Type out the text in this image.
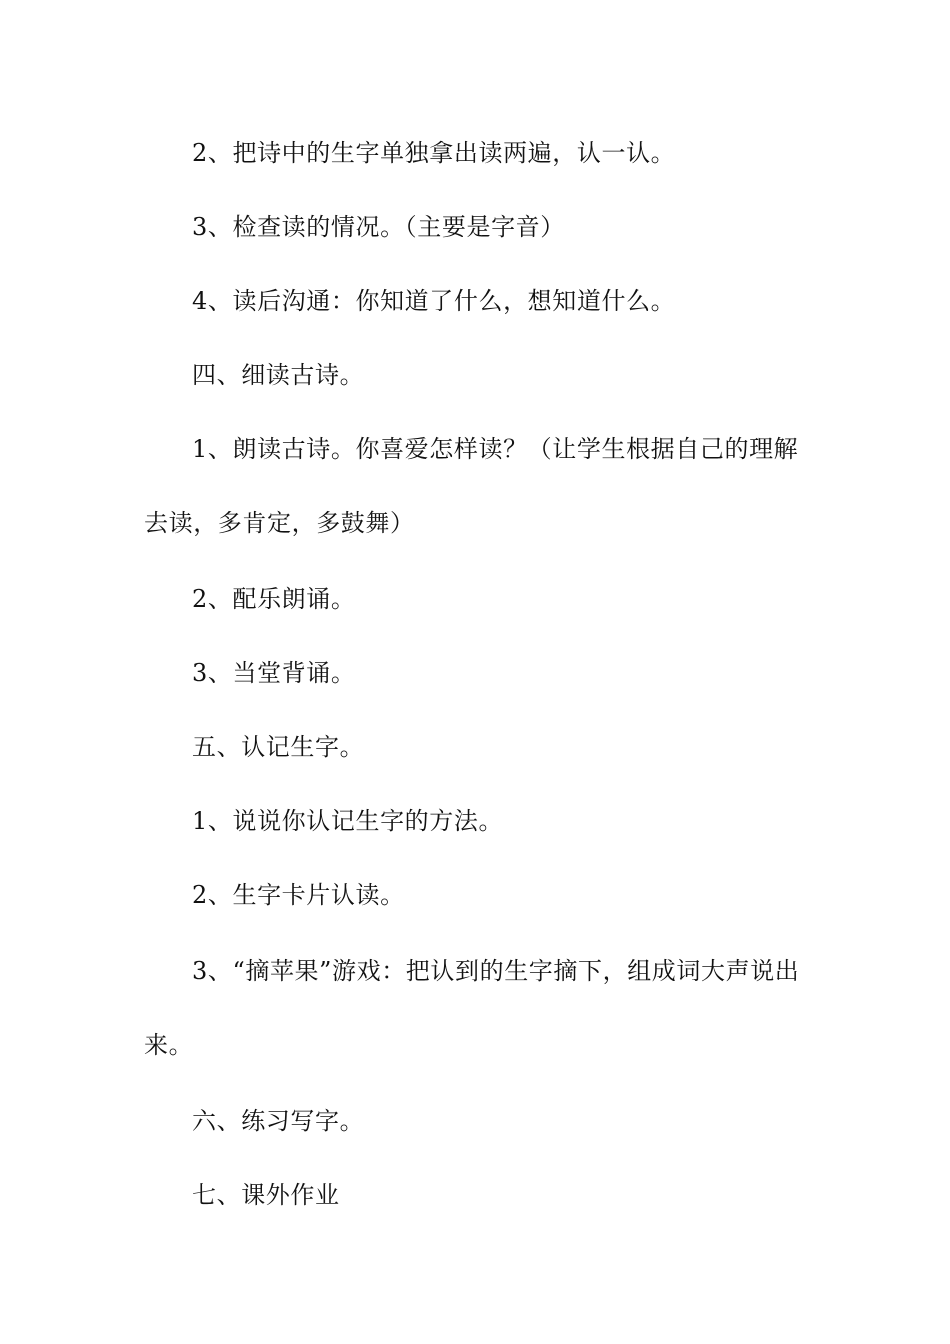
2、把诗中的生字单独拿出读两遍，认一认。

3、检查读的情况。（主要是字音）

4、读后沟通：你知道了什么，想知道什么。

四、细读古诗。

1、朗读古诗。你喜爱怎样读？（让学生根据自己的理解去读，多肯定，多鼓舞）

2、配乐朗诵。

3、当堂背诵。

五、认记生字。

1、说说你认记生字的方法。

2、生字卡片认读。

3、“摘苹果”游戏：把认到的生字摘下，组成词大声说出来。

六、练习写字。

七、课外作业
